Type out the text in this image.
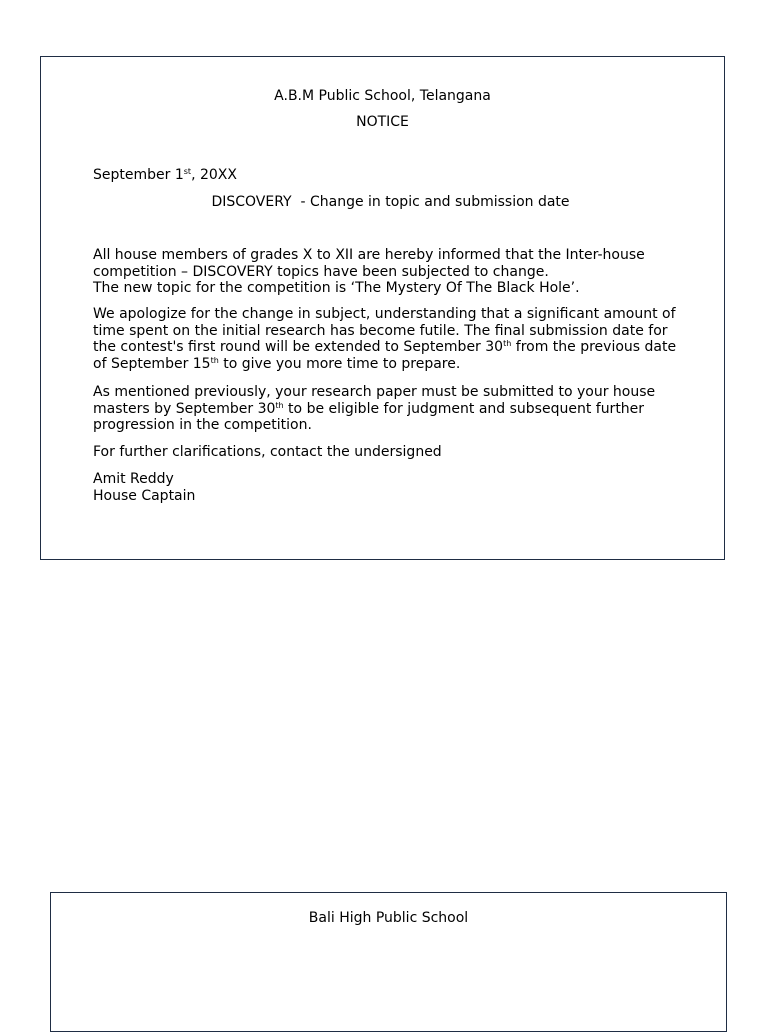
A.B.M Public School, Telangana
NOTICE
September 1st, 20XX
DISCOVERY  - Change in topic and submission date

All house members of grades X to XII are hereby informed that the Inter-house competition – DISCOVERY topics have been subjected to change.

The new topic for the competition is ‘The Mystery Of The Black Hole’.

We apologize for the change in subject, understanding that a significant amount of time spent on the initial research has become futile. The final submission date for the contest's first round will be extended to September 30th from the previous date of September 15th to give you more time to prepare.
As mentioned previously, your research paper must be submitted to your house masters by September 30th to be eligible for judgment and subsequent further progression in the competition.
For further clarifications, contact the undersigned

Amit Reddy

House Captain

Bali High Public School
